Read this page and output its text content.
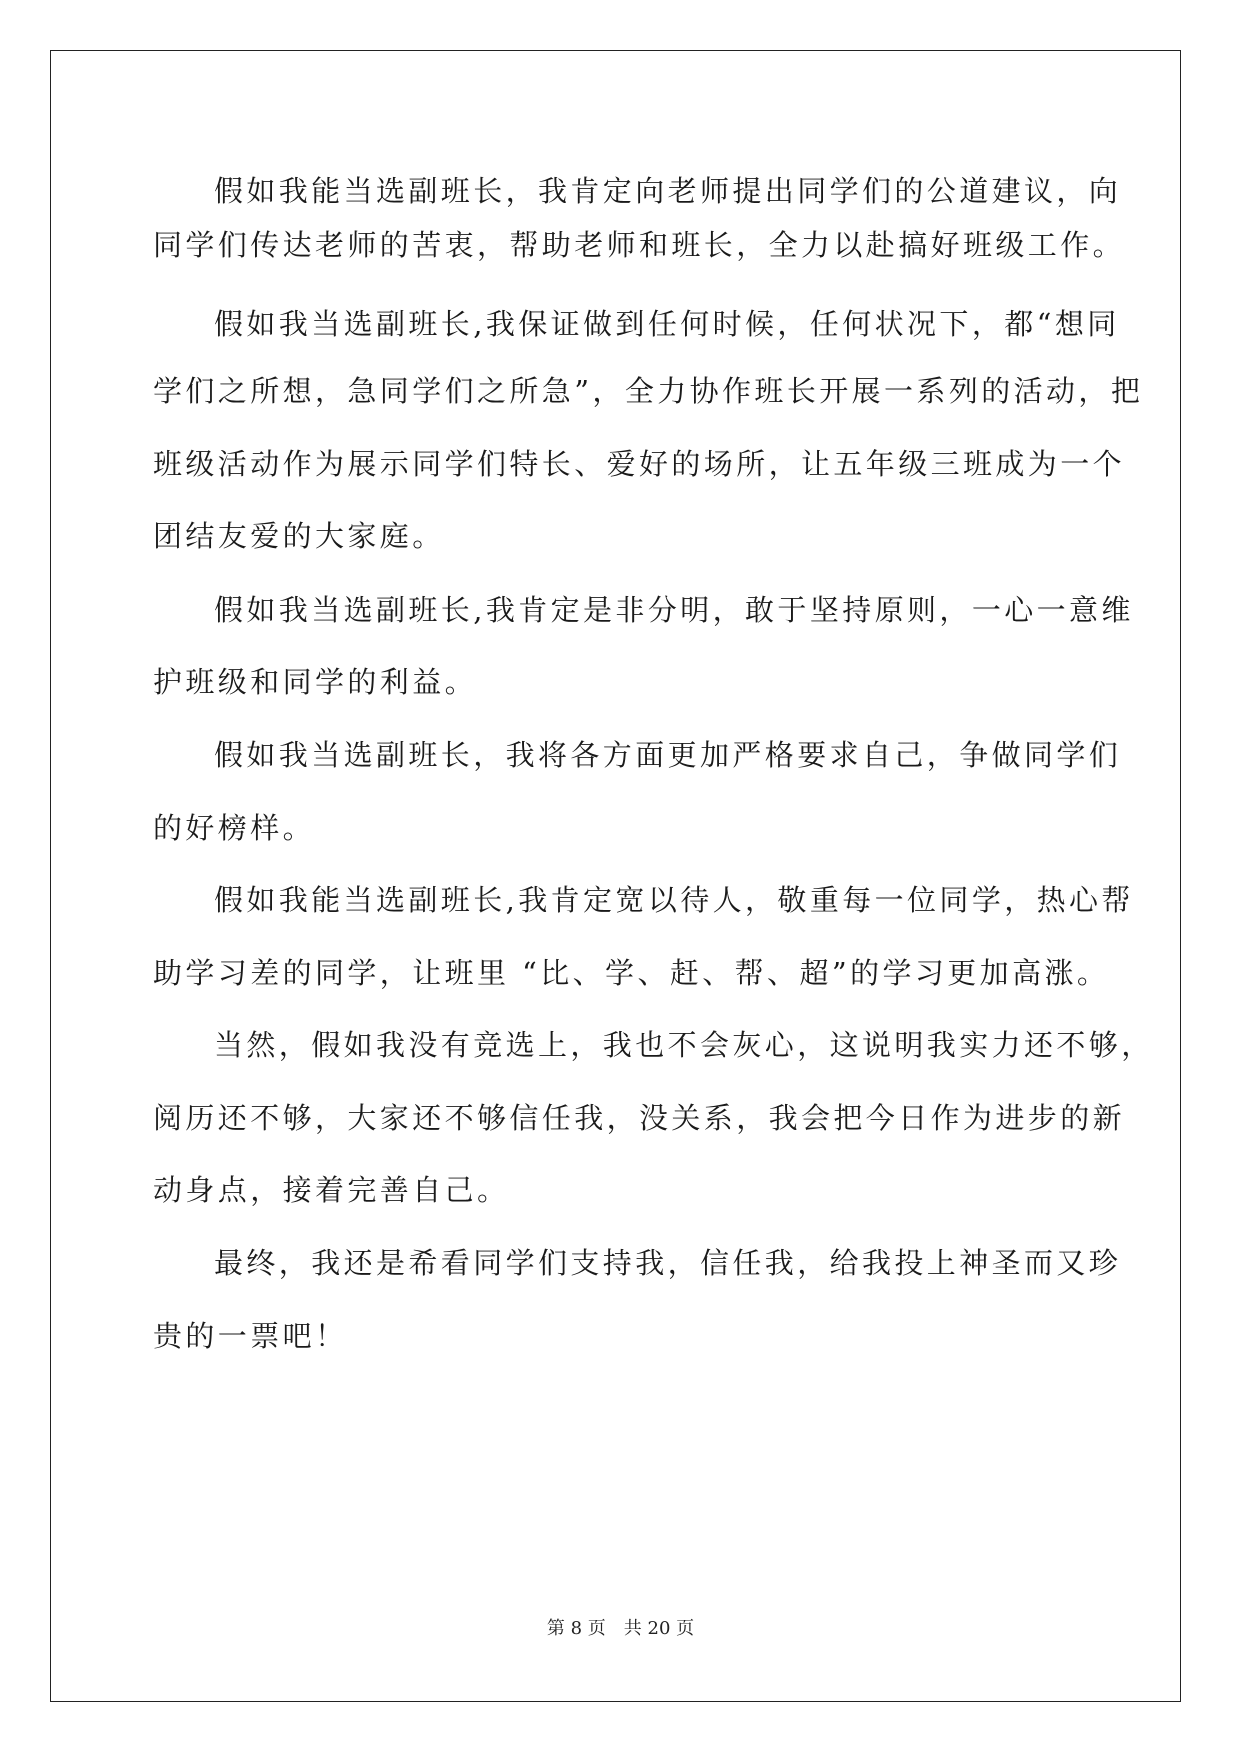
假如我能当选副班长，我肯定向老师提出同学们的公道建议，向
同学们传达老师的苦衷，帮助老师和班长，全力以赴搞好班级工作。
假如我当选副班长,我保证做到任何时候，任何状况下，都“想同
学们之所想，急同学们之所急”，全力协作班长开展一系列的活动，把
班级活动作为展示同学们特长、爱好的场所，让五年级三班成为一个
团结友爱的大家庭。
假如我当选副班长,我肯定是非分明，敢于坚持原则，一心一意维
护班级和同学的利益。
假如我当选副班长，我将各方面更加严格要求自己，争做同学们
的好榜样。
假如我能当选副班长,我肯定宽以待人，敬重每一位同学，热心帮
助学习差的同学，让班里 “比、学、赶、帮、超”的学习更加高涨。
当然，假如我没有竞选上，我也不会灰心，这说明我实力还不够，
阅历还不够，大家还不够信任我，没关系，我会把今日作为进步的新
动身点，接着完善自己。
最终，我还是希看同学们支持我，信任我，给我投上神圣而又珍
贵的一票吧！
第 8 页　共 20 页
